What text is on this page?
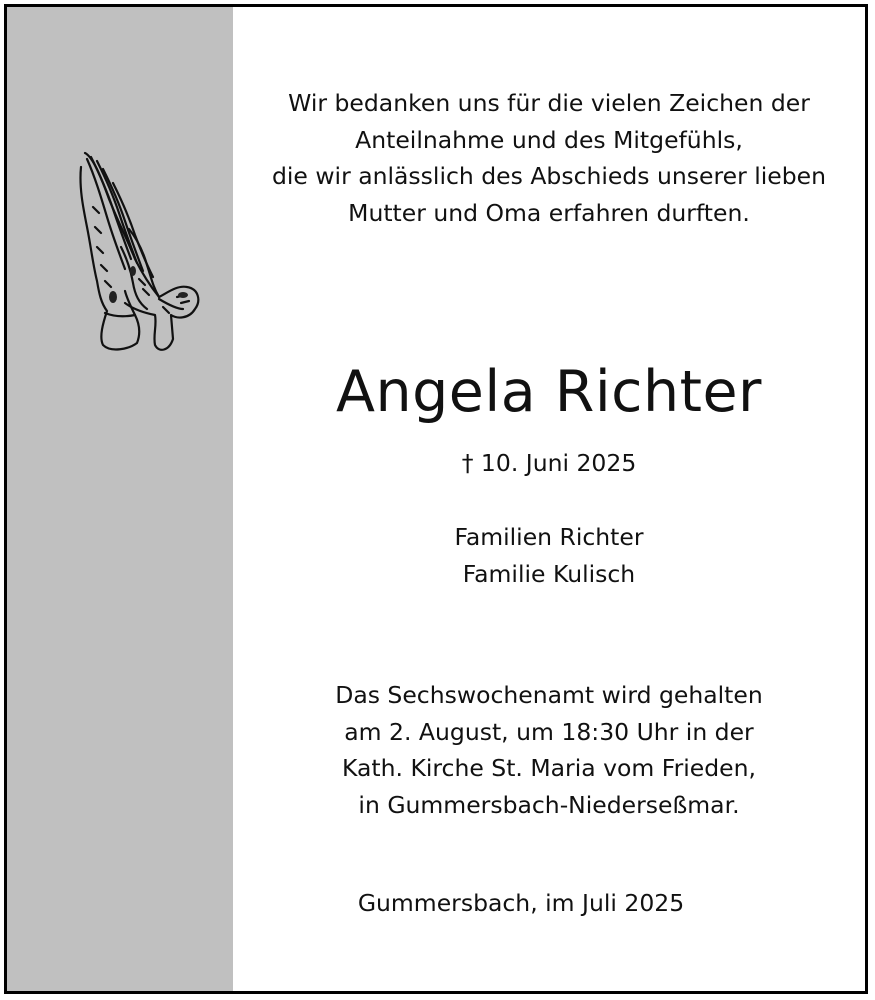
Wir bedanken uns für die vielen Zeichen der
Anteilnahme und des Mitgefühls,
die wir anlässlich des Abschieds unserer lieben
Mutter und Oma erfahren durften.
Angela Richter
† 10. Juni 2025
Familien Richter
Familie Kulisch
Das Sechswochenamt wird gehalten
am 2. August, um 18:30 Uhr in der
Kath. Kirche St. Maria vom Frieden,
in Gummersbach-Niederseßmar.
Gummersbach, im Juli 2025
